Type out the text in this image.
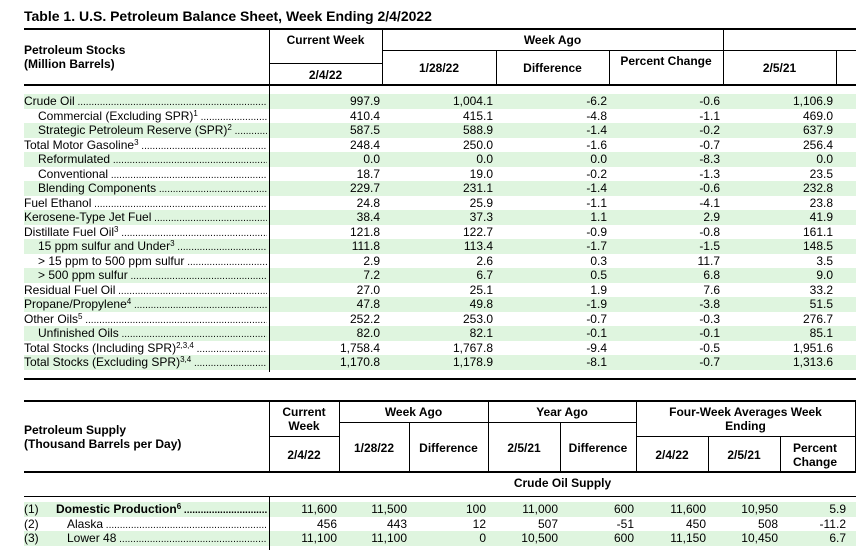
Table 1. U.S. Petroleum Balance Sheet, Week Ending 2/4/2022
Petroleum Stocks
(Million Barrels)
Current Week
2/4/22
Week Ago
1/28/22	Difference	Percent Change	2/5/21
Crude Oil .....	997.9	1,004.1	-6.2	-0.6	1,106.9
Commercial (Excluding SPR)$^1$ .....	410.4	415.1	-4.8	-1.1	469.0
Strategic Petroleum Reserve (SPR)$^2$ .....	587.5	588.9	-1.4	-0.2	637.9
Total Motor Gasoline$^3$ .....	248.4	250.0	-1.6	-0.7	256.4
Reformulated .....	0.0	0.0	0.0	-8.3	0.0
Conventional .....	18.7	19.0	-0.2	-1.3	23.5
Blending Components .....	229.7	231.1	-1.4	-0.6	232.8
Fuel Ethanol .....	24.8	25.9	-1.1	-4.1	23.8
Kerosene-Type Jet Fuel .....	38.4	37.3	1.1	2.9	41.9
Distillate Fuel Oil$^3$ .....	121.8	122.7	-0.9	-0.8	161.1
15 ppm sulfur and Under$^3$ .....	111.8	113.4	-1.7	-1.5	148.5
> 15 ppm to 500 ppm sulfur .....	2.9	2.6	0.3	11.7	3.5
> 500 ppm sulfur .....	7.2	6.7	0.5	6.8	9.0
Residual Fuel Oil .....	27.0	25.1	1.9	7.6	33.2
Propane/Propylene$^4$ .....	47.8	49.8	-1.9	-3.8	51.5
Other Oils$^5$ .....	252.2	253.0	-0.7	-0.3	276.7
Unfinished Oils .....	82.0	82.1	-0.1	-0.1	85.1
Total Stocks (Including SPR)$^{2,3,4}$ .....	1,758.4	1,767.8	-9.4	-0.5	1,951.6
Total Stocks (Excluding SPR)$^{3,4}$ .....	1,170.8	1,178.9	-8.1	-0.7	1,313.6
Petroleum Supply
(Thousand Barrels per Day)
Current Week
2/4/22
Week Ago
1/28/22	Difference
Year Ago
2/5/21	Difference
Four-Week Averages Week Ending
2/4/22	2/5/21	Percent Change
Crude Oil Supply
(1) Domestic Production$^6$ .....	11,600	11,500	100	11,000	600	11,600	10,950	5.9
(2) Alaska .....	456	443	12	507	-51	450	508	-11.2
(3) Lower 48 .....	11,100	11,100	0	10,500	600	11,150	10,450	6.7
